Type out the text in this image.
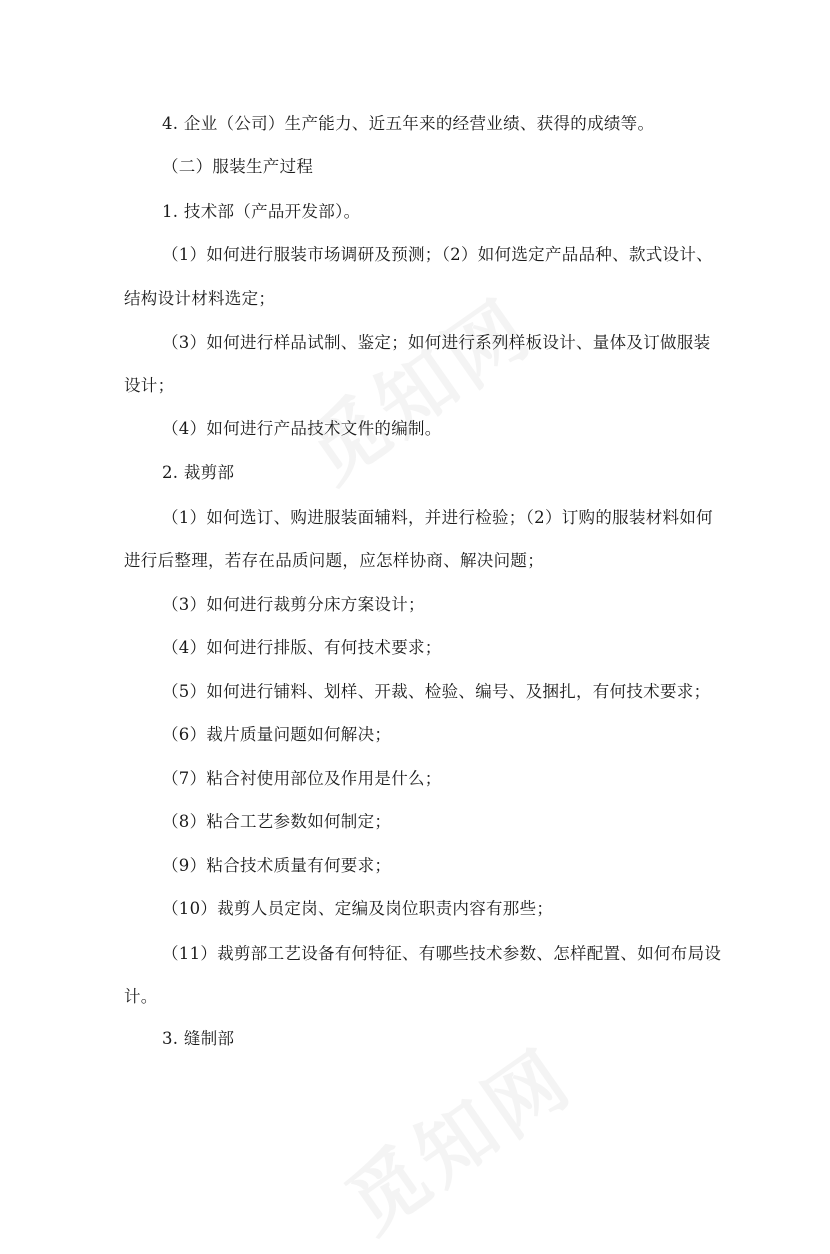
4. 企业（公司）生产能力、近五年来的经营业绩、获得的成绩等。
（二）服装生产过程
1. 技术部（产品开发部）。
（1）如何进行服装市场调研及预测；（2）如何选定产品品种、款式设计、
结构设计材料选定；
（3）如何进行样品试制、鉴定；如何进行系列样板设计、量体及订做服装
设计；
（4）如何进行产品技术文件的编制。
2. 裁剪部
（1）如何选订、购进服装面辅料，并进行检验；（2）订购的服装材料如何
进行后整理，若存在品质问题，应怎样协商、解决问题；
（3）如何进行裁剪分床方案设计；
（4）如何进行排版、有何技术要求；
（5）如何进行铺料、划样、开裁、检验、编号、及捆扎，有何技术要求；
（6）裁片质量问题如何解决；
（7）粘合衬使用部位及作用是什么；
（8）粘合工艺参数如何制定；
（9）粘合技术质量有何要求；
（10）裁剪人员定岗、定编及岗位职责内容有那些；
（11）裁剪部工艺设备有何特征、有哪些技术参数、怎样配置、如何布局设
计。
3. 缝制部
